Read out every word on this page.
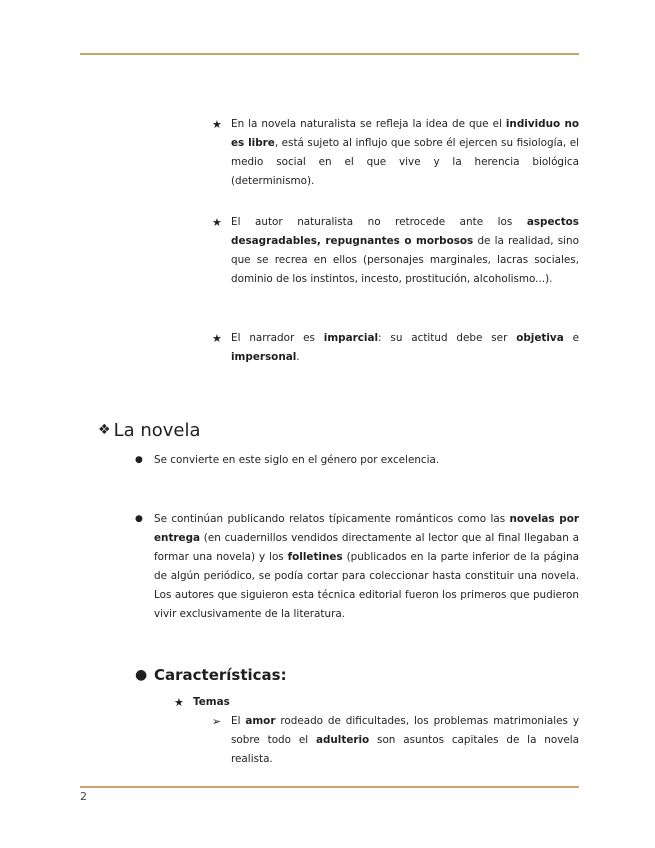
★ En la novela naturalista se refleja la idea de que el individuo no es libre, está sujeto al influjo que sobre él ejercen su fisiología, el medio social en el que vive y la herencia biológica (determinismo).
★ El autor naturalista no retrocede ante los aspectos desagradables, repugnantes o morbosos de la realidad, sino que se recrea en ellos (personajes marginales, lacras sociales, dominio de los instintos, incesto, prostitución, alcoholismo...).
★ El narrador es imparcial: su actitud debe ser objetiva e impersonal.
❖ La novela
● Se convierte en este siglo en el género por excelencia.
● Se continúan publicando relatos típicamente románticos como las novelas por entrega (en cuadernillos vendidos directamente al lector que al final llegaban a formar una novela) y los folletines (publicados en la parte inferior de la página de algún periódico, se podía cortar para coleccionar hasta constituir una novela. Los autores que siguieron esta técnica editorial fueron los primeros que pudieron vivir exclusivamente de la literatura.
● Características:
★ Temas
➢ El amor rodeado de dificultades, los problemas matrimoniales y sobre todo el adulterio son asuntos capitales de la novela realista.
2
